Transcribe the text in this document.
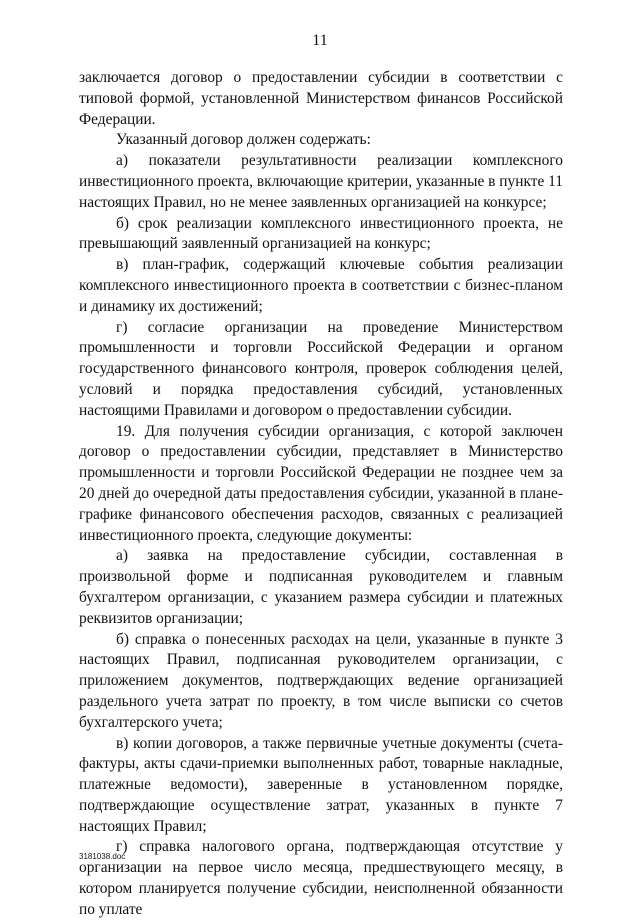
11

заключается договор о предоставлении субсидии в соответствии с типовой формой, установленной Министерством финансов Российской Федерации.

Указанный договор должен содержать:

а) показатели результативности реализации комплексного инвестиционного проекта, включающие критерии, указанные в пункте 11 настоящих Правил, но не менее заявленных организацией на конкурсе;

б) срок реализации комплексного инвестиционного проекта, не превышающий заявленный организацией на конкурс;

в) план-график, содержащий ключевые события реализации комплексного инвестиционного проекта в соответствии с бизнес-планом и динамику их достижений;

г) согласие организации на проведение Министерством промышленности и торговли Российской Федерации и органом государственного финансового контроля, проверок соблюдения целей, условий и порядка предоставления субсидий, установленных настоящими Правилами и договором о предоставлении субсидии.

19. Для получения субсидии организация, с которой заключен договор о предоставлении субсидии, представляет в Министерство промышленности и торговли Российской Федерации не позднее чем за 20 дней до очередной даты предоставления субсидии, указанной в плане-графике финансового обеспечения расходов, связанных с реализацией инвестиционного проекта, следующие документы:

а) заявка на предоставление субсидии, составленная в произвольной форме и подписанная руководителем и главным бухгалтером организации, с указанием размера субсидии и платежных реквизитов организации;

б) справка о понесенных расходах на цели, указанные в пункте 3 настоящих Правил, подписанная руководителем организации, с приложением документов, подтверждающих ведение организацией раздельного учета затрат по проекту, в том числе выписки со счетов бухгалтерского учета;

в) копии договоров, а также первичные учетные документы (счета-фактуры, акты сдачи-приемки выполненных работ, товарные накладные, платежные ведомости), заверенные в установленном порядке, подтверждающие осуществление затрат, указанных в пункте 7 настоящих Правил;

г) справка налогового органа, подтверждающая отсутствие у организации на первое число месяца, предшествующего месяцу, в котором планируется получение субсидии, неисполненной обязанности по уплате

3181038.doc
